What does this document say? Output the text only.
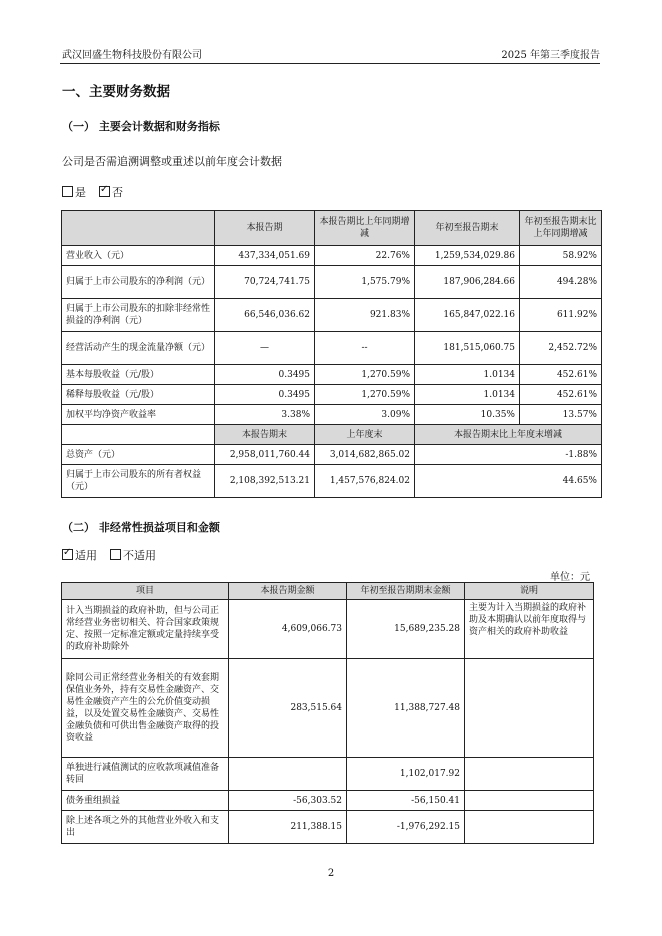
武汉回盛生物科技股份有限公司	2025 年第三季度报告
一、主要财务数据
（一） 主要会计数据和财务指标
公司是否需追溯调整或重述以前年度会计数据
是 ✓ 否
	本报告期	本报告期比上年同期增减	年初至报告期末	年初至报告期末比上年同期增减
营业收入（元）	437,334,051.69	22.76%	1,259,534,029.86	58.92%
归属于上市公司股东的净利润（元）	70,724,741.75	1,575.79%	187,906,284.66	494.28%
归属于上市公司股东的扣除非经常性损益的净利润（元）	66,546,036.62	921.83%	165,847,022.16	611.92%
经营活动产生的现金流量净额（元）	—	--	181,515,060.75	2,452.72%
基本每股收益（元/股）	0.3495	1,270.59%	1.0134	452.61%
稀释每股收益（元/股）	0.3495	1,270.59%	1.0134	452.61%
加权平均净资产收益率	3.38%	3.09%	10.35%	13.57%
	本报告期末	上年度末	本报告期末比上年度末增减	
总资产（元）	2,958,011,760.44	3,014,682,865.02	-1.88%	
归属于上市公司股东的所有者权益（元）	2,108,392,513.21	1,457,576,824.02	44.65%	
（二） 非经常性损益项目和金额
✓适用 不适用
单位：元
项目	本报告期金额	年初至报告期期末金额	说明
计入当期损益的政府补助，但与公司正常经营业务密切相关、符合国家政策规定、按照一定标准定额或定量持续享受的政府补助除外	4,609,066.73	15,689,235.28	主要为计入当期损益的政府补助及本期确认以前年度取得与资产相关的政府补助收益
除同公司正常经营业务相关的有效套期保值业务外，持有交易性金融资产、交易性金融资产产生的公允价值变动损益，以及处置交易性金融资产、交易性金融负债和可供出售金融资产取得的投资收益	283,515.64	11,388,727.48	
单独进行减值测试的应收款项减值准备转回		1,102,017.92	
债务重组损益	-56,303.52	-56,150.41	
除上述各项之外的其他营业外收入和支出	211,388.15	-1,976,292.15	
2
